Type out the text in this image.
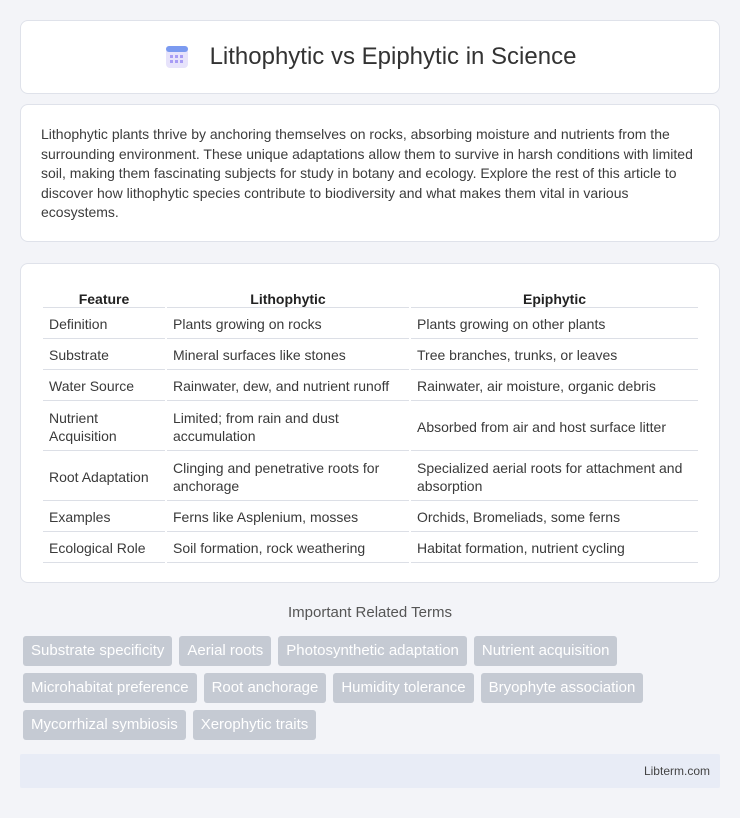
Lithophytic vs Epiphytic in Science

Lithophytic plants thrive by anchoring themselves on rocks, absorbing moisture and nutrients from the surrounding environment. These unique adaptations allow them to survive in harsh conditions with limited soil, making them fascinating subjects for study in botany and ecology. Explore the rest of this article to discover how lithophytic species contribute to biodiversity and what makes them vital in various ecosystems.

Feature	Lithophytic	Epiphytic
Definition	Plants growing on rocks	Plants growing on other plants
Substrate	Mineral surfaces like stones	Tree branches, trunks, or leaves
Water Source	Rainwater, dew, and nutrient runoff	Rainwater, air moisture, organic debris
Nutrient Acquisition	Limited; from rain and dust accumulation	Absorbed from air and host surface litter
Root Adaptation	Clinging and penetrative roots for anchorage	Specialized aerial roots for attachment and absorption
Examples	Ferns like Asplenium, mosses	Orchids, Bromeliads, some ferns
Ecological Role	Soil formation, rock weathering	Habitat formation, nutrient cycling
Important Related Terms
Substrate specificity	Aerial roots	Photosynthetic adaptation	Nutrient acquisition
Microhabitat preference	Root anchorage	Humidity tolerance	Bryophyte association
Mycorrhizal symbiosis	Xerophytic traits
Libterm.com
